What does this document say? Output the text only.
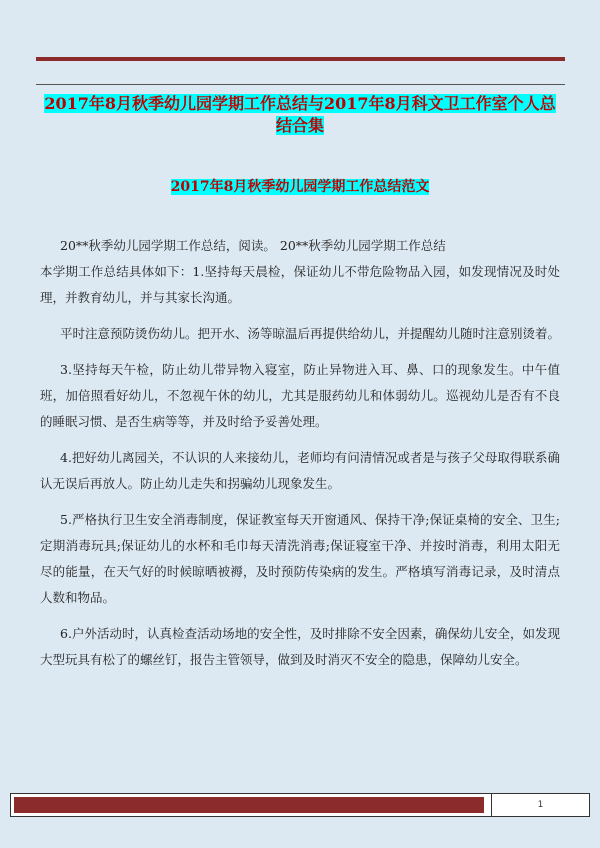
2017年8月秋季幼儿园学期工作总结与2017年8月科文卫工作室个人总结合集
2017年8月秋季幼儿园学期工作总结范文

20**秋季幼儿园学期工作总结，阅读。 20**秋季幼儿园学期工作总结

本学期工作总结具体如下：1.坚持每天晨检，保证幼儿不带危险物品入园，如发现情况及时处理，并教育幼儿，并与其家长沟通。

平时注意预防烫伤幼儿。把开水、汤等晾温后再提供给幼儿，并提醒幼儿随时注意别烫着。

3.坚持每天午检，防止幼儿带异物入寝室，防止异物进入耳、鼻、口的现象发生。中午值班，加倍照看好幼儿，不忽视午休的幼儿，尤其是服药幼儿和体弱幼儿。巡视幼儿是否有不良的睡眠习惯、是否生病等等，并及时给予妥善处理。

4.把好幼儿离园关，不认识的人来接幼儿，老师均有问清情况或者是与孩子父母取得联系确认无误后再放人。防止幼儿走失和拐骗幼儿现象发生。

5.严格执行卫生安全消毒制度，保证教室每天开窗通风、保持干净;保证桌椅的安全、卫生;定期消毒玩具;保证幼儿的水杯和毛巾每天清洗消毒;保证寝室干净、并按时消毒，利用太阳无尽的能量，在天气好的时候晾晒被褥，及时预防传染病的发生。严格填写消毒记录，及时清点人数和物品。

6.户外活动时，认真检查活动场地的安全性，及时排除不安全因素，确保幼儿安全，如发现大型玩具有松了的螺丝钉，报告主管领导，做到及时消灭不安全的隐患，保障幼儿安全。

1
